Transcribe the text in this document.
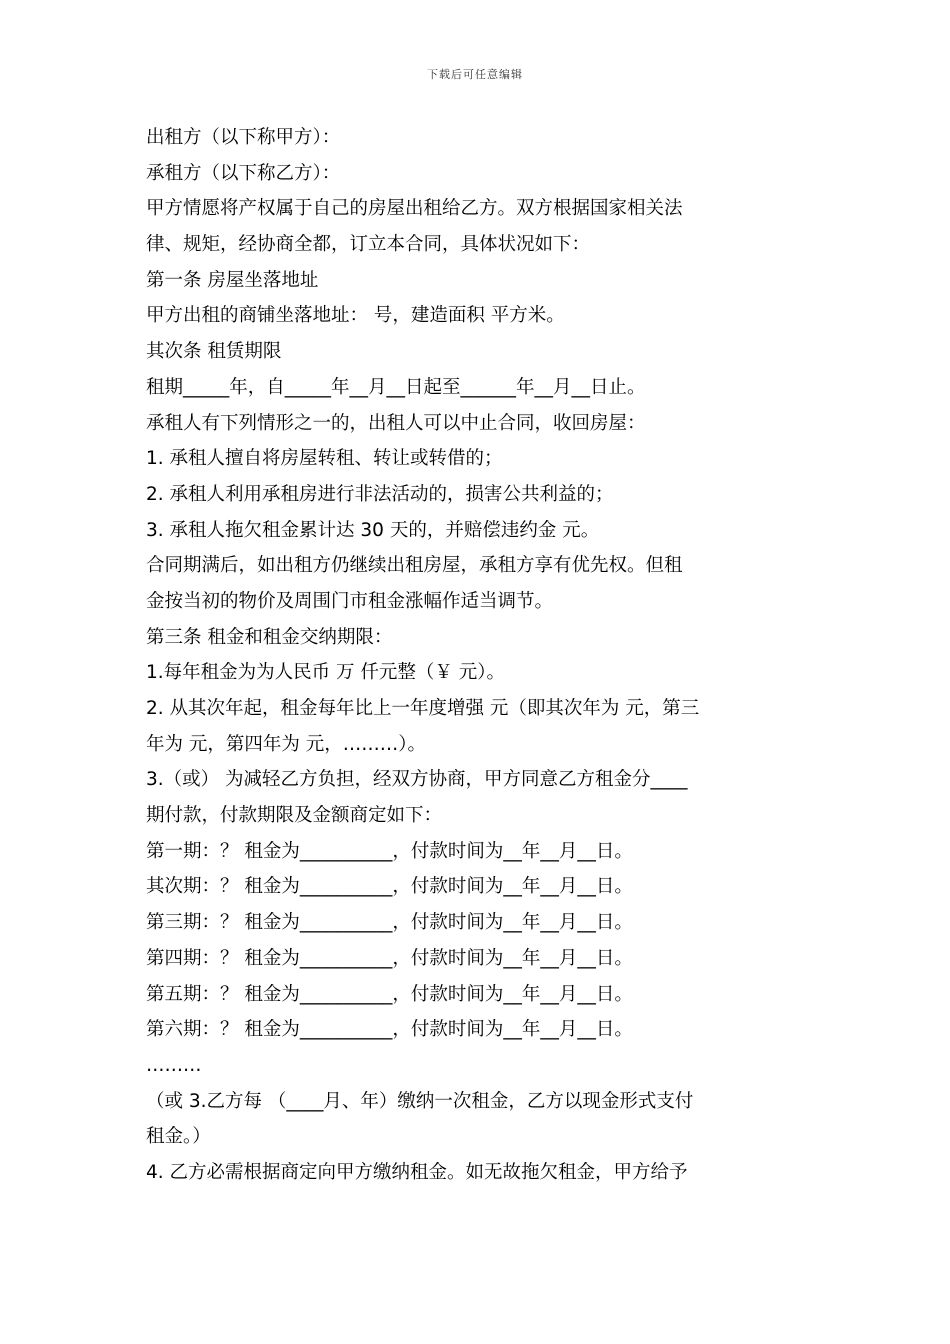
下载后可任意编辑
出租方（以下称甲方）：
承租方（以下称乙方）：
甲方情愿将产权属于自己的房屋出租给乙方。双方根据国家相关法
律、规矩，经协商全都，订立本合同，具体状况如下：
第一条 房屋坐落地址
甲方出租的商铺坐落地址： 号，建造面积 平方米。
其次条 租赁期限
租期_____年，自_____年__月__日起至______年__月__日止。
承租人有下列情形之一的，出租人可以中止合同，收回房屋：
1. 承租人擅自将房屋转租、转让或转借的；
2. 承租人利用承租房进行非法活动的，损害公共利益的；
3. 承租人拖欠租金累计达 30 天的，并赔偿违约金 元。
合同期满后，如出租方仍继续出租房屋，承租方享有优先权。但租
金按当初的物价及周围门市租金涨幅作适当调节。
第三条 租金和租金交纳期限：
1.每年租金为为人民币 万 仟元整（￥ 元）。
2. 从其次年起，租金每年比上一年度增强 元（即其次年为 元，第三
年为 元，第四年为 元，………）。
3.（或） 为减轻乙方负担，经双方协商，甲方同意乙方租金分____
期付款，付款期限及金额商定如下：
第一期：？ 租金为__________，付款时间为__年__月__日。
其次期：？ 租金为__________，付款时间为__年__月__日。
第三期：？ 租金为__________，付款时间为__年__月__日。
第四期：？ 租金为__________，付款时间为__年__月__日。
第五期：？ 租金为__________，付款时间为__年__月__日。
第六期：？ 租金为__________，付款时间为__年__月__日。
………
（或 3.乙方每 （____月、年）缴纳一次租金，乙方以现金形式支付
租金。）
4. 乙方必需根据商定向甲方缴纳租金。如无故拖欠租金，甲方给予
